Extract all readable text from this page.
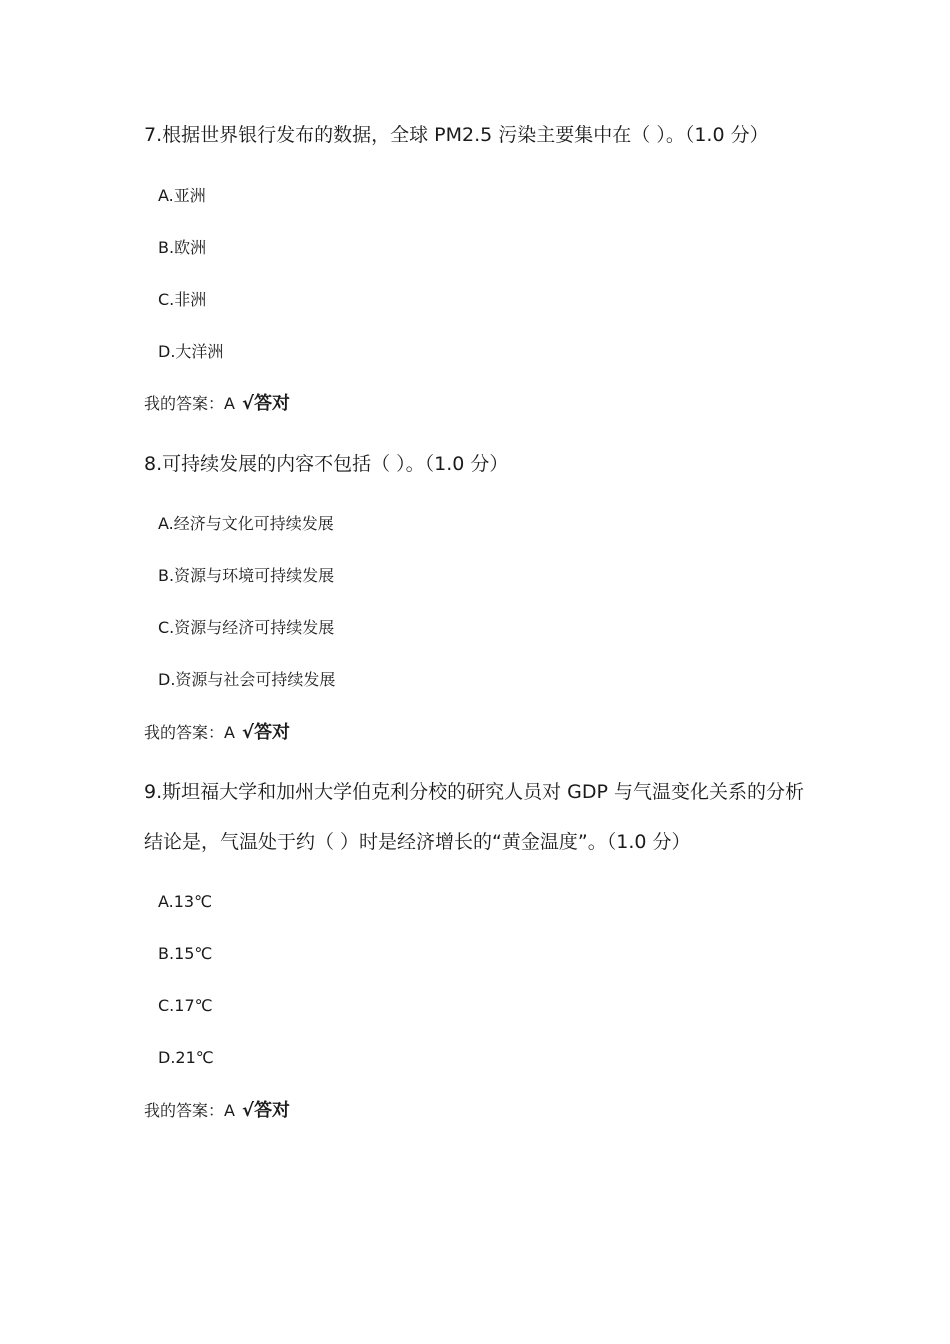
7.根据世界银行发布的数据，全球 PM2.5 污染主要集中在（ ）。（1.0 分）
A.亚洲
B.欧洲
C.非洲
D.大洋洲
我的答案：A √答对
8.可持续发展的内容不包括（ ）。（1.0 分）
A.经济与文化可持续发展
B.资源与环境可持续发展
C.资源与经济可持续发展
D.资源与社会可持续发展
我的答案：A √答对
9.斯坦福大学和加州大学伯克利分校的研究人员对 GDP 与气温变化关系的分析
结论是，气温处于约（ ）时是经济增长的“黄金温度”。（1.0 分）
A.13℃
B.15℃
C.17℃
D.21℃
我的答案：A √答对
